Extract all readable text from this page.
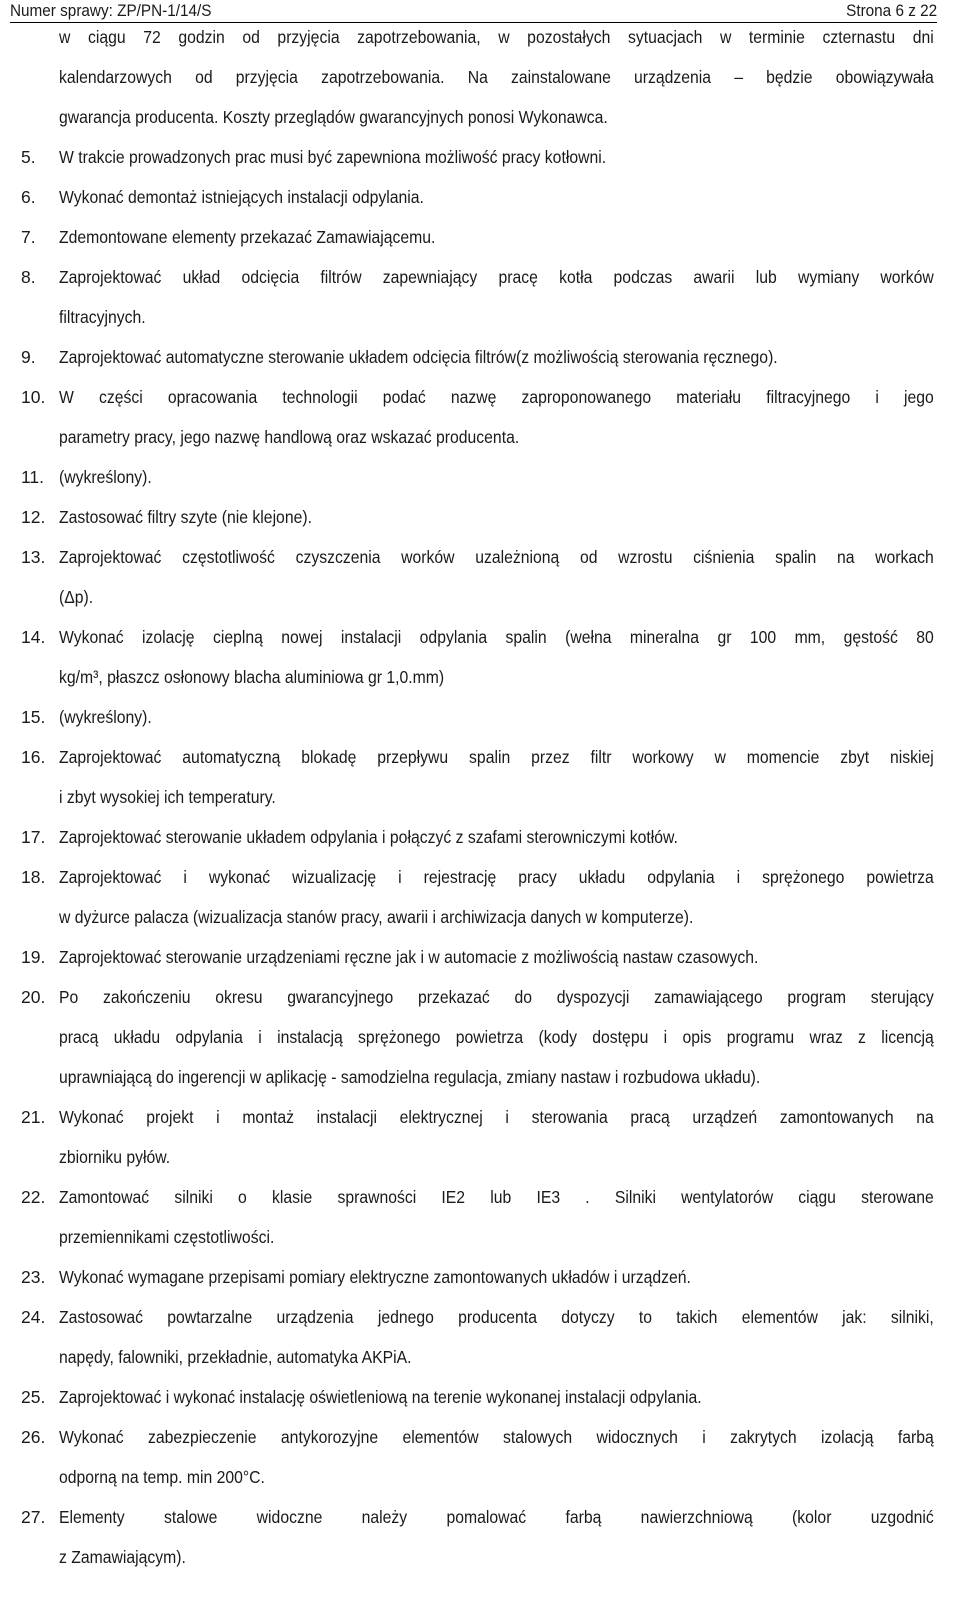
Numer sprawy: ZP/PN-1/14/S	Strona 6 z 22
w ciągu 72 godzin od przyjęcia zapotrzebowania, w pozostałych sytuacjach w terminie czternastu dni
kalendarzowych od przyjęcia zapotrzebowania. Na zainstalowane urządzenia – będzie obowiązywała
gwarancja producenta. Koszty przeglądów gwarancyjnych ponosi Wykonawca.
5. W trakcie prowadzonych prac musi być zapewniona możliwość pracy kotłowni.
6. Wykonać demontaż istniejących instalacji odpylania.
7. Zdemontowane elementy przekazać Zamawiającemu.
8. Zaprojektować układ odcięcia filtrów zapewniający pracę kotła podczas awarii lub wymiany worków
filtracyjnych.
9. Zaprojektować automatyczne sterowanie układem odcięcia filtrów(z możliwością sterowania ręcznego).
10. W części opracowania technologii podać nazwę zaproponowanego materiału filtracyjnego i jego
parametry pracy, jego nazwę handlową oraz wskazać producenta.
11. (wykreślony).
12. Zastosować filtry szyte (nie klejone).
13. Zaprojektować częstotliwość czyszczenia worków uzależnioną od wzrostu ciśnienia spalin na workach
(Δp).
14. Wykonać izolację cieplną nowej instalacji odpylania spalin (wełna mineralna gr 100 mm, gęstość 80
kg/m³, płaszcz osłonowy blacha aluminiowa gr 1,0.mm)
15. (wykreślony).
16. Zaprojektować automatyczną blokadę przepływu spalin przez filtr workowy w momencie zbyt niskiej
i zbyt wysokiej ich temperatury.
17. Zaprojektować sterowanie układem odpylania i połączyć z szafami sterowniczymi kotłów.
18. Zaprojektować i wykonać wizualizację i rejestrację pracy układu odpylania i sprężonego powietrza
w dyżurce palacza (wizualizacja stanów pracy, awarii i archiwizacja danych w komputerze).
19. Zaprojektować sterowanie urządzeniami ręczne jak i w automacie z możliwością nastaw czasowych.
20. Po zakończeniu okresu gwarancyjnego przekazać do dyspozycji zamawiającego program sterujący
pracą układu odpylania i instalacją sprężonego powietrza (kody dostępu i opis programu wraz z licencją
uprawniającą do ingerencji w aplikację - samodzielna regulacja, zmiany nastaw i rozbudowa układu).
21. Wykonać projekt i montaż instalacji elektrycznej i sterowania pracą urządzeń zamontowanych na
zbiorniku pyłów.
22. Zamontować silniki o klasie sprawności IE2 lub IE3 . Silniki wentylatorów ciągu sterowane
przemiennikami częstotliwości.
23. Wykonać wymagane przepisami pomiary elektryczne zamontowanych układów i urządzeń.
24. Zastosować powtarzalne urządzenia jednego producenta dotyczy to takich elementów jak: silniki,
napędy, falowniki, przekładnie, automatyka AKPiA.
25. Zaprojektować i wykonać instalację oświetleniową na terenie wykonanej instalacji odpylania.
26. Wykonać zabezpieczenie antykorozyjne elementów stalowych widocznych i zakrytych izolacją farbą
odporną na temp. min 200°C.
27. Elementy stalowe widoczne należy pomalować farbą nawierzchniową (kolor uzgodnić
z Zamawiającym).
